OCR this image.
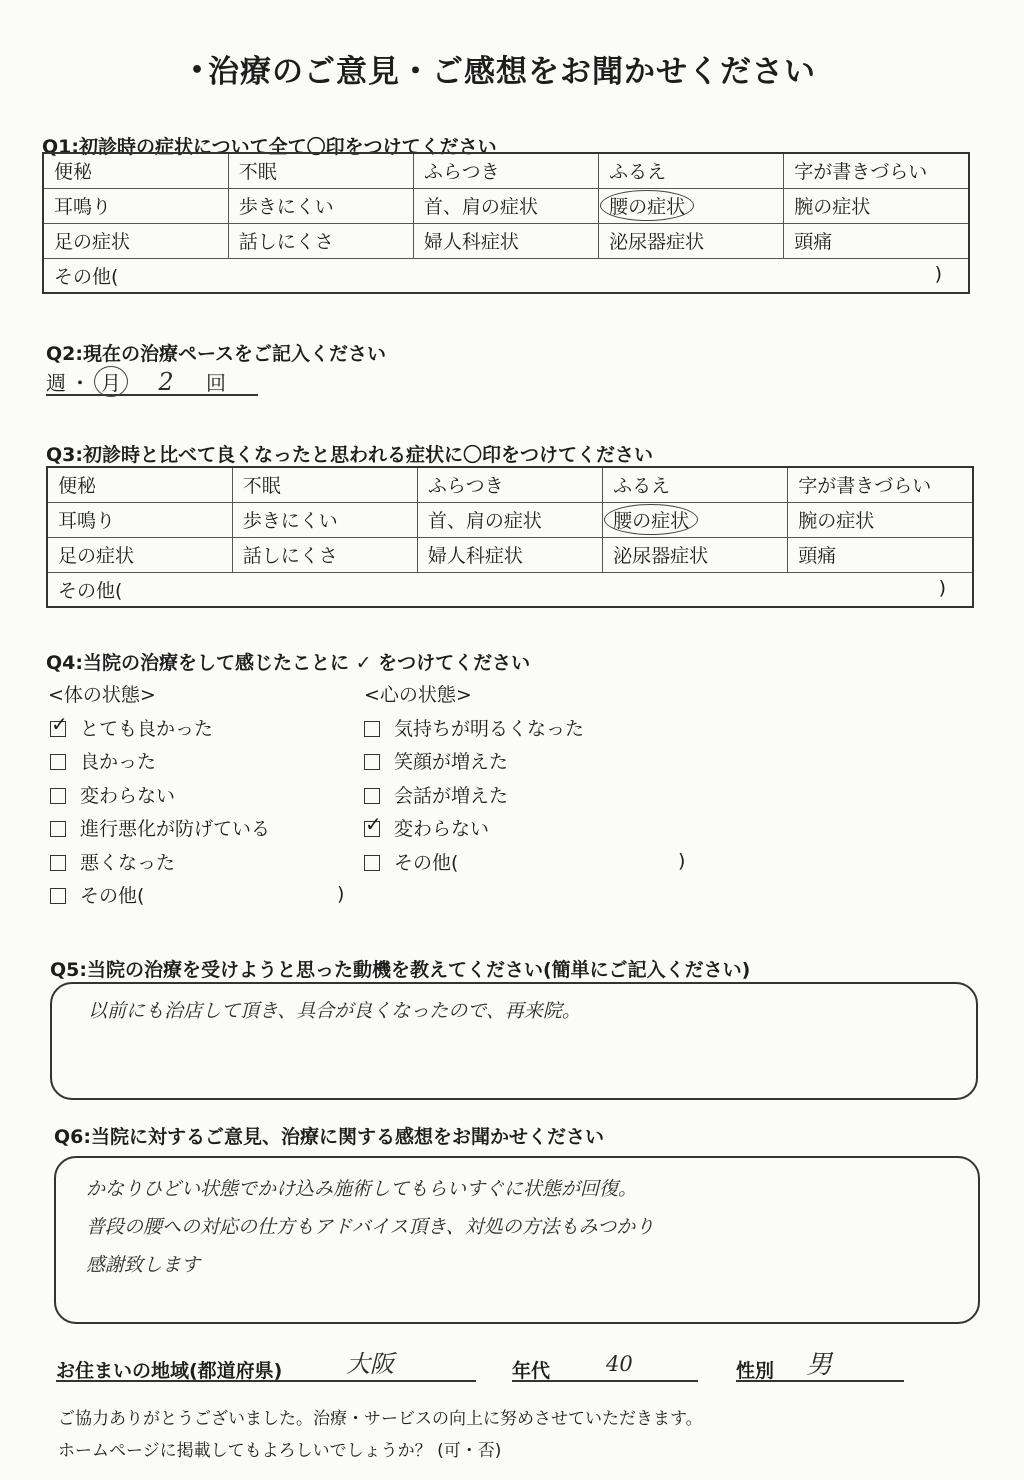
• 治療のご意見・ご感想をお聞かせください
Q1:初診時の症状について全て〇印をつけてください
便秘	不眠	ふらつき	ふるえ	字が書きづらい
耳鳴り	歩きにくい	首、肩の症状	腰の症状	腕の症状
足の症状	話しにくさ	婦人科症状	泌尿器症状	頭痛
その他( )				
Q2:現在の治療ペースをご記入ください
週 ・ 月 2 回
Q3:初診時と比べて良くなったと思われる症状に〇印をつけてください
便秘	不眠	ふらつき	ふるえ	字が書きづらい
耳鳴り	歩きにくい	首、肩の症状	腰の症状	腕の症状
足の症状	話しにくさ	婦人科症状	泌尿器症状	頭痛
その他( )				
Q4:当院の治療をして感じたことに ✓ をつけてください
<体の状態>	<心の状態>
✓とても良かった
良かった
変わらない
進行悪化が防げている
悪くなった
その他(
気持ちが明るくなった
笑顔が増えた
会話が増えた
✓変わらない
その他(
)
)
Q5:当院の治療を受けようと思った動機を教えてください(簡単にご記入ください)
以前にも治店して頂き、具合が良くなったので、再来院。
Q6:当院に対するご意見、治療に関する感想をお聞かせください
かなりひどい状態でかけ込み施術してもらいすぐに状態が回復。
普段の腰への対応の仕方もアドバイス頂き、対処の方法もみつかり
感謝致します
お住まいの地域(都道府県)	大阪	年代	40	性別 男
ご協力ありがとうございました。治療・サービスの向上に努めさせていただきます。
ホームページに掲載してもよろしいでしょうか？ (可・否)
